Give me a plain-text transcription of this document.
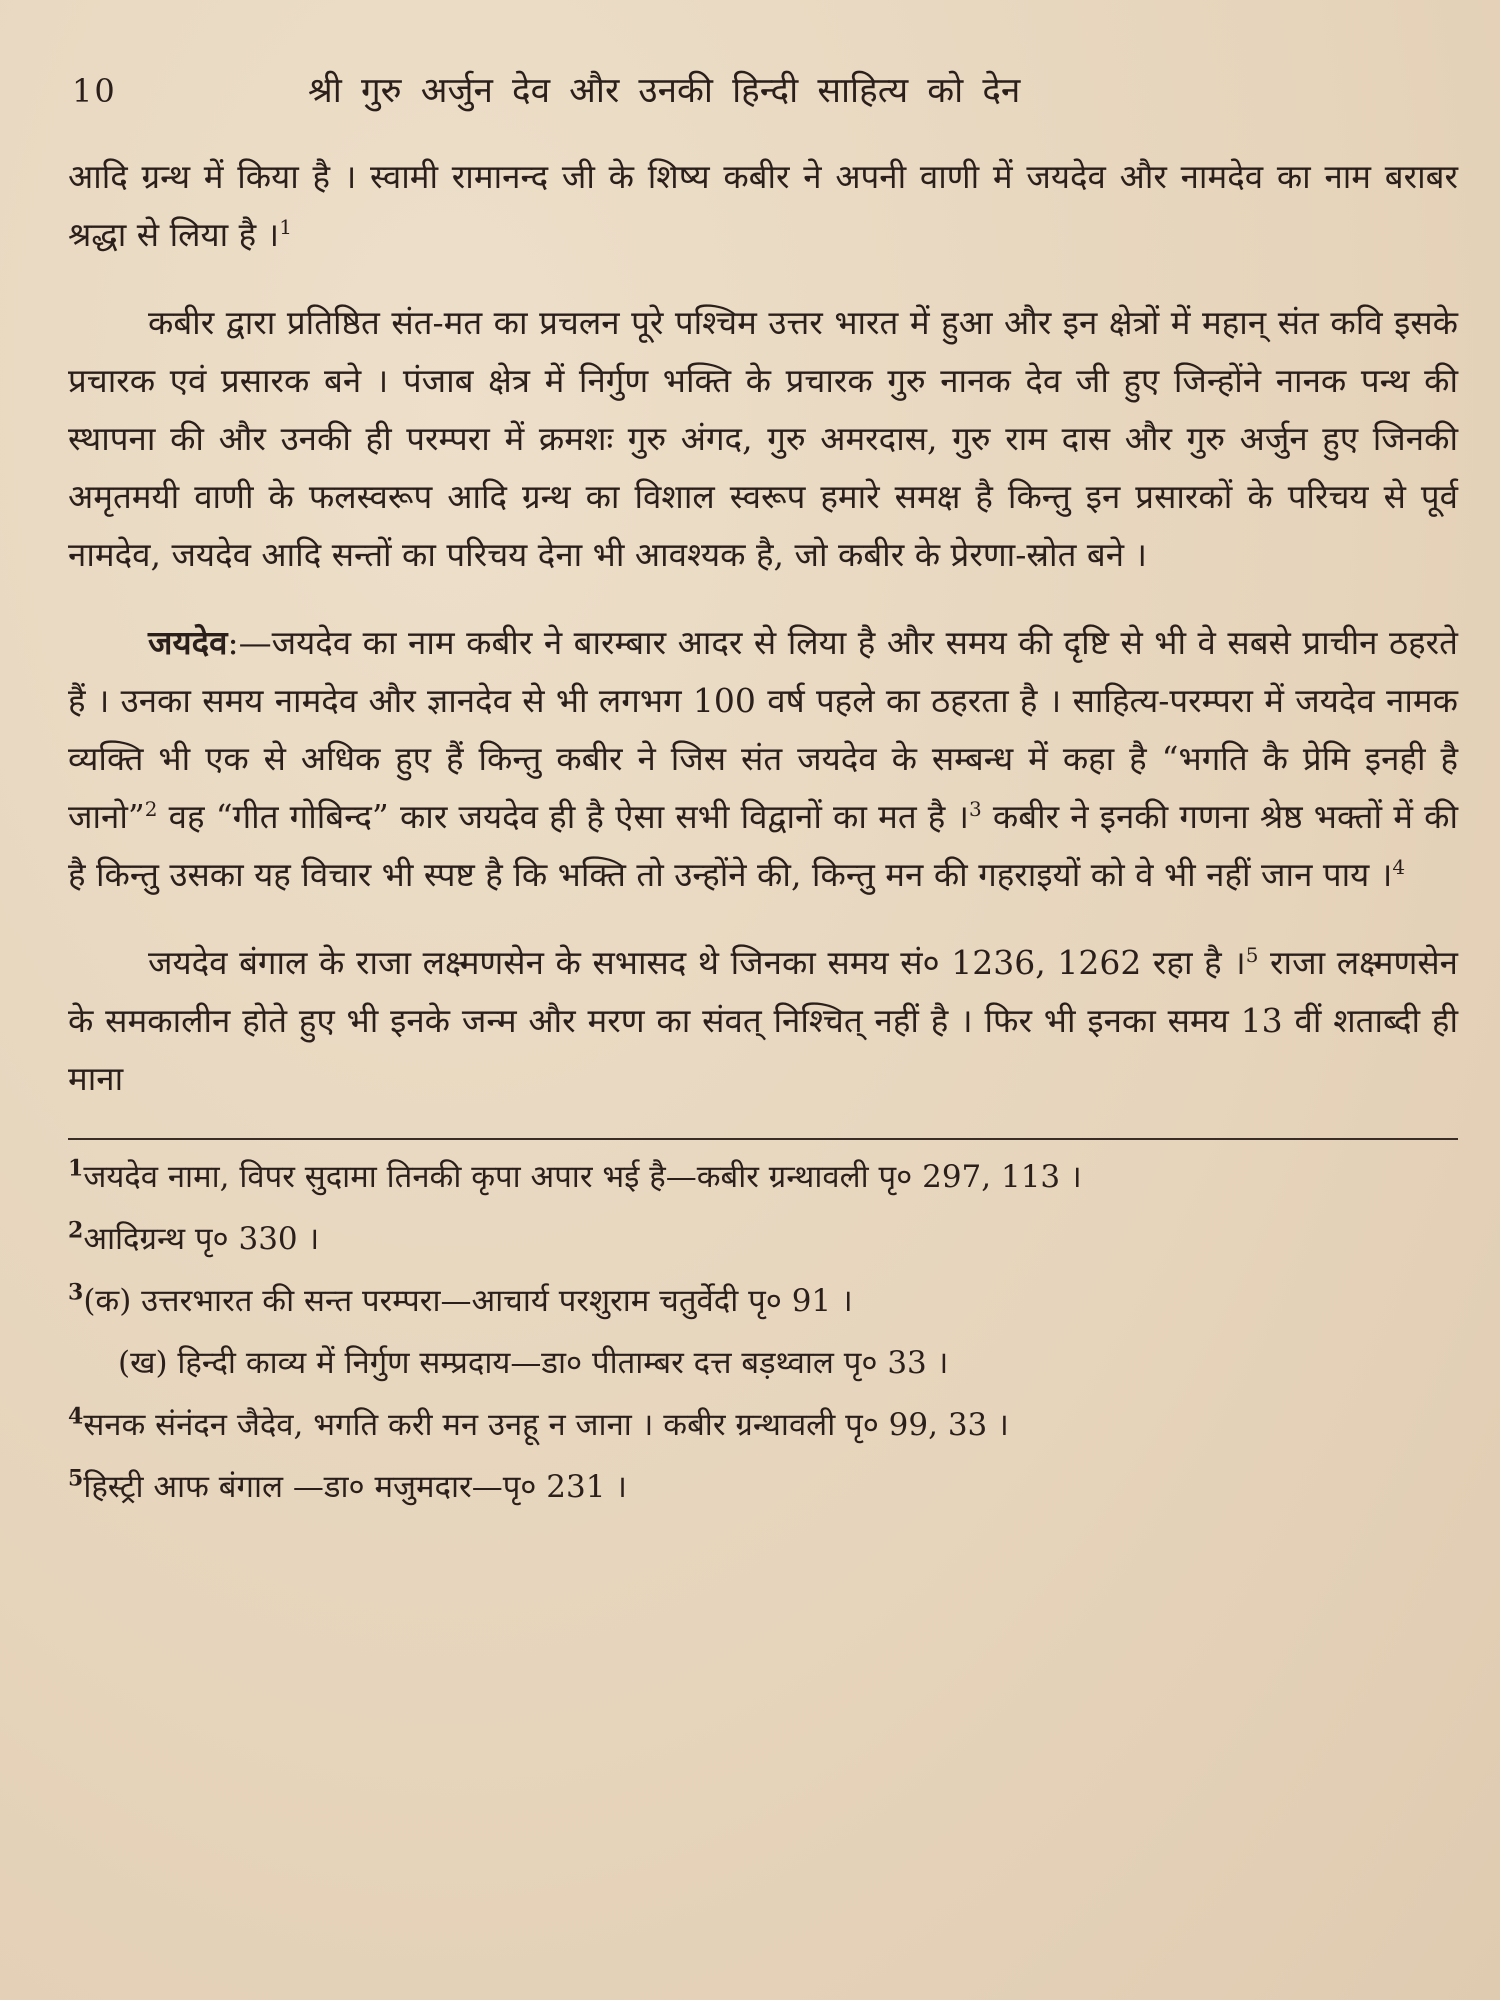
10	श्री गुरु अर्जुन देव और उनकी हिन्दी साहित्य को देन

आदि ग्रन्थ में किया है । स्वामी रामानन्द जी के शिष्य कबीर ने अपनी वाणी में जयदेव और नामदेव का नाम बराबर श्रद्धा से लिया है ।$^1$

कबीर द्वारा प्रतिष्ठित संत-मत का प्रचलन पूरे पश्चिम उत्तर भारत में हुआ और इन क्षेत्रों में महान् संत कवि इसके प्रचारक एवं प्रसारक बने । पंजाब क्षेत्र में निर्गुण भक्ति के प्रचारक गुरु नानक देव जी हुए जिन्होंने नानक पन्थ की स्थापना की और उनकी ही परम्परा में क्रमशः गुरु अंगद, गुरु अमरदास, गुरु राम दास और गुरु अर्जुन हुए जिनकी अमृतमयी वाणी के फलस्वरूप आदि ग्रन्थ का विशाल स्वरूप हमारे समक्ष है किन्तु इन प्रसारकों के परिचय से पूर्व नामदेव, जयदेव आदि सन्तों का परिचय देना भी आवश्यक है, जो कबीर के प्रेरणा-स्रोत बने ।

जयदेव:—जयदेव का नाम कबीर ने बारम्बार आदर से लिया है और समय की दृष्टि से भी वे सबसे प्राचीन ठहरते हैं । उनका समय नामदेव और ज्ञानदेव से भी लगभग 100 वर्ष पहले का ठहरता है । साहित्य-परम्परा में जयदेव नामक व्यक्ति भी एक से अधिक हुए हैं किन्तु कबीर ने जिस संत जयदेव के सम्बन्ध में कहा है “भगति कै प्रेमि इनही है जानो”$^2$ वह “गीत गोबिन्द” कार जयदेव ही है ऐसा सभी विद्वानों का मत है ।$^3$ कबीर ने इनकी गणना श्रेष्ठ भक्तों में की है किन्तु उसका यह विचार भी स्पष्ट है कि भक्ति तो उन्होंने की, किन्तु मन की गहराइयों को वे भी नहीं जान पाय ।$^4$

जयदेव बंगाल के राजा लक्ष्मणसेन के सभासद थे जिनका समय सं० 1236, 1262 रहा है ।$^5$ राजा लक्ष्मणसेन के समकालीन होते हुए भी इनके जन्म और मरण का संवत् निश्चित् नहीं है । फिर भी इनका समय 13 वीं शताब्दी ही माना

$^1$जयदेव नामा, विपर सुदामा तिनकी कृपा अपार भई है—कबीर ग्रन्थावली पृ० 297, 113 ।

$^2$आदिग्रन्थ पृ० 330 ।

$^3$(क) उत्तरभारत की सन्त परम्परा—आचार्य परशुराम चतुर्वेदी पृ० 91 ।

(ख) हिन्दी काव्य में निर्गुण सम्प्रदाय—डा० पीताम्बर दत्त बड़थ्वाल पृ० 33 ।

$^4$सनक संनंदन जैदेव, भगति करी मन उनहू न जाना । कबीर ग्रन्थावली पृ० 99, 33 ।

$^5$हिस्ट्री आफ बंगाल —डा० मजुमदार—पृ० 231 ।
